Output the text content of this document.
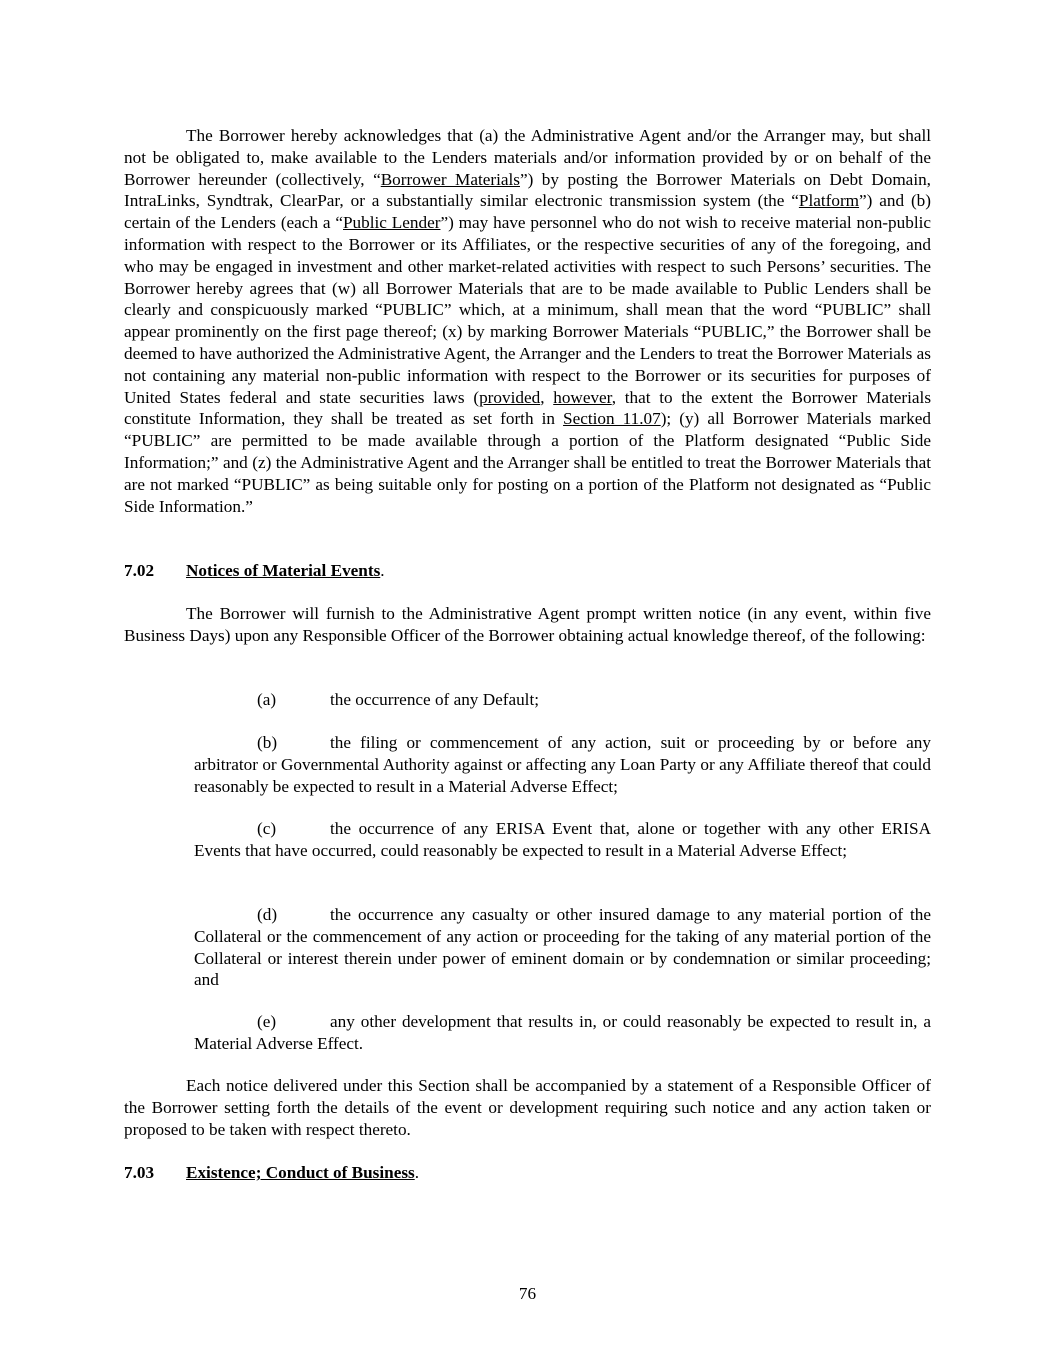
The Borrower hereby acknowledges that (a) the Administrative Agent and/or the Arranger may, but shall not be obligated to, make available to the Lenders materials and/or information provided by or on behalf of the Borrower hereunder (collectively, “Borrower Materials”) by posting the Borrower Materials on Debt Domain, IntraLinks, Syndtrak, ClearPar, or a substantially similar electronic transmission system (the “Platform”) and (b) certain of the Lenders (each a “Public Lender”) may have personnel who do not wish to receive material non-public information with respect to the Borrower or its Affiliates, or the respective securities of any of the foregoing, and who may be engaged in investment and other market-related activities with respect to such Persons’ securities. The Borrower hereby agrees that (w) all Borrower Materials that are to be made available to Public Lenders shall be clearly and conspicuously marked “PUBLIC” which, at a minimum, shall mean that the word “PUBLIC” shall appear prominently on the first page thereof; (x) by marking Borrower Materials “PUBLIC,” the Borrower shall be deemed to have authorized the Administrative Agent, the Arranger and the Lenders to treat the Borrower Materials as not containing any material non-public information with respect to the Borrower or its securities for purposes of United States federal and state securities laws (provided, however, that to the extent the Borrower Materials constitute Information, they shall be treated as set forth in Section 11.07); (y) all Borrower Materials marked “PUBLIC” are permitted to be made available through a portion of the Platform designated “Public Side Information;” and (z) the Administrative Agent and the Arranger shall be entitled to treat the Borrower Materials that are not marked “PUBLIC” as being suitable only for posting on a portion of the Platform not designated as “Public Side Information.”

7.02 Notices of Material Events.

The Borrower will furnish to the Administrative Agent prompt written notice (in any event, within five Business Days) upon any Responsible Officer of the Borrower obtaining actual knowledge thereof, of the following:

(a)	the occurrence of any Default;

(b)	the filing or commencement of any action, suit or proceeding by or before any arbitrator or Governmental Authority against or affecting any Loan Party or any Affiliate thereof that could reasonably be expected to result in a Material Adverse Effect;

(c)	the occurrence of any ERISA Event that, alone or together with any other ERISA Events that have occurred, could reasonably be expected to result in a Material Adverse Effect;

(d)	the occurrence any casualty or other insured damage to any material portion of the Collateral or the commencement of any action or proceeding for the taking of any material portion of the Collateral or interest therein under power of eminent domain or by condemnation or similar proceeding; and

(e)	any other development that results in, or could reasonably be expected to result in, a Material Adverse Effect.

Each notice delivered under this Section shall be accompanied by a statement of a Responsible Officer of the Borrower setting forth the details of the event or development requiring such notice and any action taken or proposed to be taken with respect thereto.

7.03 Existence; Conduct of Business.
76
